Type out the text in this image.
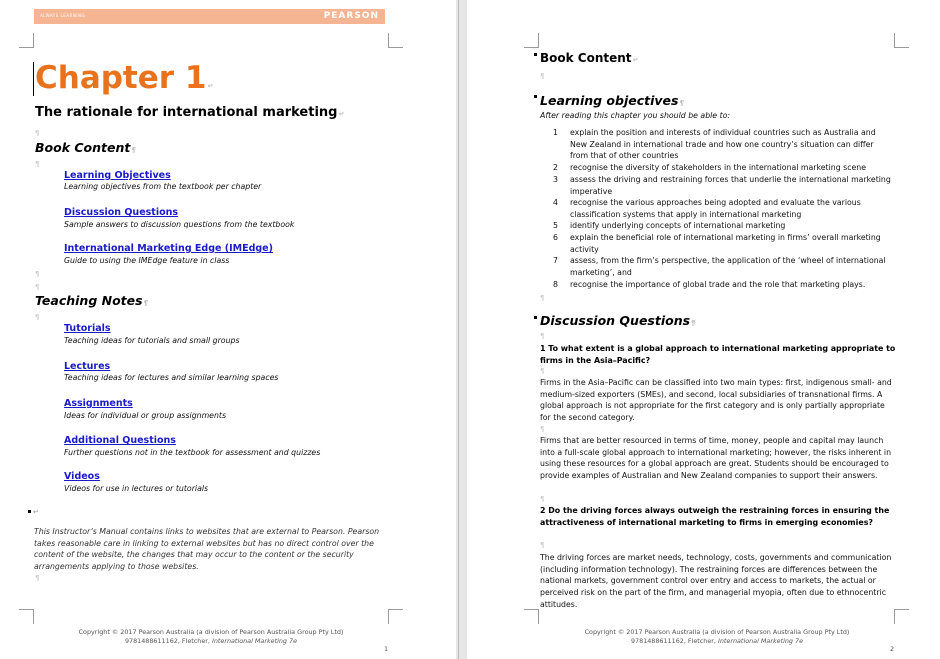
ALWAYS LEARNING	PEARSON
Chapter 1↵
The rationale for international marketing↵
¶
Book Content¶
¶
Learning Objectives
Learning objectives from the textbook per chapter
Discussion Questions
Sample answers to discussion questions from the textbook
International Marketing Edge (IMEdge)
Guide to using the IMEdge feature in class
¶
¶
Teaching Notes¶
¶
Tutorials
Teaching ideas for tutorials and small groups
Lectures
Teaching ideas for lectures and similar learning spaces
Assignments
Ideas for individual or group assignments
Additional Questions
Further questions not in the textbook for assessment and quizzes
Videos
Videos for use in lectures or tutorials
↵
This Instructor’s Manual contains links to websites that are external to Pearson. Pearson takes reasonable care in linking to external websites but has no direct control over the content of the website, the changes that may occur to the content or the security arrangements applying to those websites.
¶
Copyright © 2017 Pearson Australia (a division of Pearson Australia Group Pty Ltd)
9781488611162, Fletcher, International Marketing 7e
1
Book Content↵
¶
Learning objectives¶
After reading this chapter you should be able to:
1	explain the position and interests of individual countries such as Australia and New Zealand in international trade and how one country’s situation can differ from that of other countries
2	recognise the diversity of stakeholders in the international marketing scene
3	assess the driving and restraining forces that underlie the international marketing imperative
4	recognise the various approaches being adopted and evaluate the various classification systems that apply in international marketing
5	identify underlying concepts of international marketing
6	explain the beneficial role of international marketing in firms’ overall marketing activity
7	assess, from the firm’s perspective, the application of the ‘wheel of international marketing’, and
8	recognise the importance of global trade and the role that marketing plays.
¶
Discussion Questions¶
¶
1 To what extent is a global approach to international marketing appropriate to firms in the Asia–Pacific?
¶
Firms in the Asia–Pacific can be classified into two main types: first, indigenous small- and medium-sized exporters (SMEs), and second, local subsidiaries of transnational firms. A global approach is not appropriate for the first category and is only partially appropriate for the second category.
¶
Firms that are better resourced in terms of time, money, people and capital may launch into a full-scale global approach to international marketing; however, the risks inherent in using these resources for a global approach are great. Students should be encouraged to provide examples of Australian and New Zealand companies to support their answers.
¶
2 Do the driving forces always outweigh the restraining forces in ensuring the attractiveness of international marketing to firms in emerging economies?
¶
The driving forces are market needs, technology, costs, governments and communication (including information technology). The restraining forces are differences between the national markets, government control over entry and access to markets, the actual or perceived risk on the part of the firm, and managerial myopia, often due to ethnocentric attitudes.
Copyright © 2017 Pearson Australia (a division of Pearson Australia Group Pty Ltd)
9781488611162, Fletcher, International Marketing 7e
2
